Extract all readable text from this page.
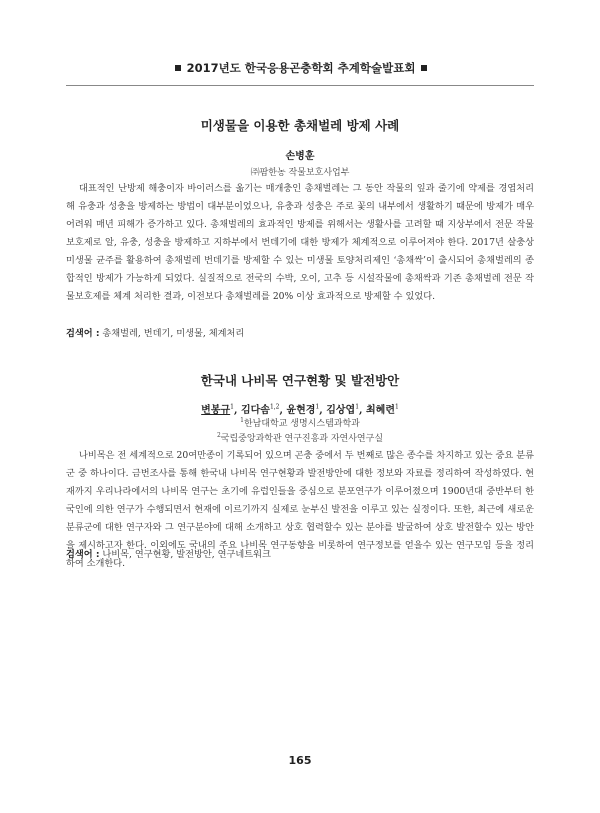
2017년도 한국응용곤충학회 추계학술발표회
미생물을 이용한 총채벌레 방제 사례
손병훈
㈜팜한농 작물보호사업부

대표적인 난방제 해충이자 바이러스를 옮기는 매개충인 총채벌레는 그 동안 작물의 잎과 줄기에 약제를 경엽처리해 유충과 성충을 방제하는 방법이 대부분이었으나, 유충과 성충은 주로 꽃의 내부에서 생활하기 때문에 방제가 매우 어려워 매년 피해가 증가하고 있다. 총채벌레의 효과적인 방제를 위해서는 생활사를 고려할 때 지상부에서 전문 작물보호제로 알, 유충, 성충을 방제하고 지하부에서 번데기에 대한 방제가 체계적으로 이루어져야 한다. 2017년 살충상 미생물 균주를 활용하여 총채벌레 번데기를 방제할 수 있는 미생물 토양처리제인 ‘총채싹’이 출시되어 총채벌레의 종합적인 방제가 가능하게 되었다. 실질적으로 전국의 수박, 오이, 고추 등 시설작물에 총채싹과 기존 총채벌레 전문 작물보호제를 체계 처리한 결과, 이전보다 총채벌레를 20% 이상 효과적으로 방제할 수 있었다.

검색어 : 총채벌레, 번데기, 미생물, 체계처리
한국내 나비목 연구현황 및 발전방안
변봉규$^1$, 김다솜$^{1,2}$, 윤현경$^1$, 김상엽$^1$, 최혜련$^1$
$^1$한남대학교 생명시스템과학과
$^2$국립중앙과학관 연구진흥과 자연사연구실

나비목은 전 세계적으로 20여만종이 기록되어 있으며 곤충 중에서 두 번째로 많은 종수를 차지하고 있는 중요 분류군 중 하나이다. 금번조사를 통해 한국내 나비목 연구현황과 발전방안에 대한 정보와 자료를 정리하여 작성하였다. 현재까지 우리나라에서의 나비목 연구는 초기에 유럽인들을 중심으로 분포연구가 이루어졌으며 1900년대 중반부터 한국인에 의한 연구가 수행되면서 현재에 이르기까지 실제로 눈부신 발전을 이루고 있는 실정이다. 또한, 최근에 새로운 분류군에 대한 연구자와 그 연구분야에 대해 소개하고 상호 협력할수 있는 분야를 발굴하여 상호 발전할수 있는 방안을 제시하고자 한다. 이외에도 국내의 주요 나비목 연구동향을 비롯하여 연구정보를 얻을수 있는 연구모임 등을 정리하여 소개한다.

검색어 : 나비목, 연구현황, 발전방안, 연구네트워크
165
